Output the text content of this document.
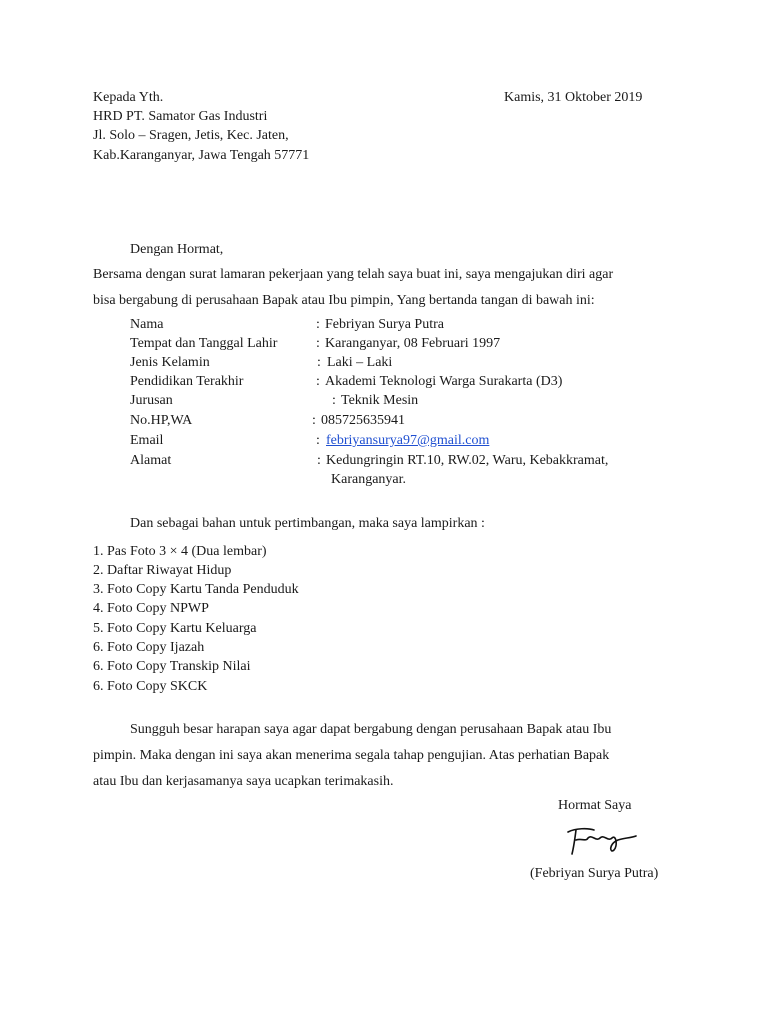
Kepada Yth.
HRD PT. Samator Gas Industri
Jl. Solo – Sragen, Jetis, Kec. Jaten,
Kab.Karanganyar, Jawa Tengah 57771
Kamis, 31 Oktober 2019
Dengan Hormat,
Bersama dengan surat lamaran pekerjaan yang telah saya buat ini, saya mengajukan diri agar
bisa bergabung di perusahaan Bapak atau Ibu pimpin, Yang bertanda tangan di bawah ini:
Nama	: Febriyan Surya Putra
Tempat dan Tanggal Lahir	: Karanganyar, 08 Februari 1997
Jenis Kelamin	: Laki – Laki
Pendidikan Terakhir	: Akademi Teknologi Warga Surakarta (D3)
Jurusan	: Teknik Mesin
No.HP,WA	: 085725635941
Email	: febriyansurya97@gmail.com
Alamat	: Kedungringin RT.10, RW.02, Waru, Kebakkramat,
Karanganyar.
Dan sebagai bahan untuk pertimbangan, maka saya lampirkan :
1. Pas Foto 3 × 4 (Dua lembar)
2. Daftar Riwayat Hidup
3. Foto Copy Kartu Tanda Penduduk
4. Foto Copy NPWP
5. Foto Copy Kartu Keluarga
6. Foto Copy Ijazah
6. Foto Copy Transkip Nilai
6. Foto Copy SKCK
Sungguh besar harapan saya agar dapat bergabung dengan perusahaan Bapak atau Ibu
pimpin. Maka dengan ini saya akan menerima segala tahap pengujian. Atas perhatian Bapak
atau Ibu dan kerjasamanya saya ucapkan terimakasih.
Hormat Saya
(Febriyan Surya Putra)
